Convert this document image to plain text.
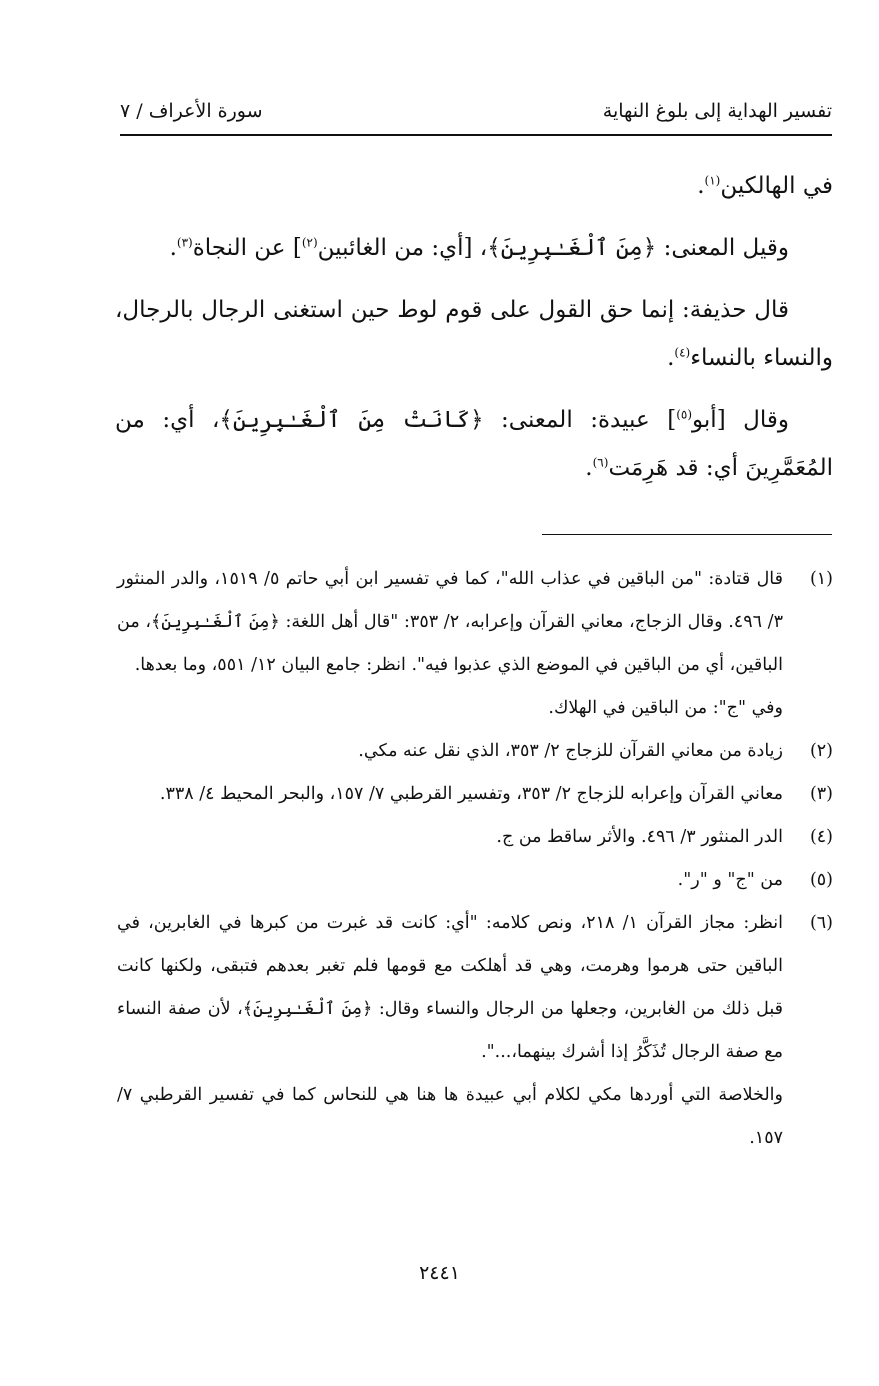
تفسير الهداية إلى بلوغ النهاية
سورة الأعراف / ٧

في الهالكين$^{(١)}$.

وقيل المعنى: ﴿مِنَ ٱلْغَـٰبِرِينَ﴾، [أي: من الغائبين$^{(٢)}$] عن النجاة$^{(٣)}$.

قال حذيفة: إنما حق القول على قوم لوط حين استغنى الرجال بالرجال، والنساء بالنساء$^{(٤)}$.

وقال [أبو$^{(٥)}$] عبيدة: المعنى: ﴿كَانَتْ مِنَ ٱلْغَـٰبِرِينَ﴾، أي: من المُعَمَّرِينَ أي: قد هَرِمَت$^{(٦)}$.

(١)
قال قتادة: "من الباقين في عذاب الله"، كما في تفسير ابن أبي حاتم ٥/ ١٥١٩، والدر المنثور ٣/ ٤٩٦. وقال الزجاج، معاني القرآن وإعرابه، ٢/ ٣٥٣: "قال أهل اللغة: ﴿مِنَ ٱلْغَـٰبِرِينَ﴾، من الباقين، أي من الباقين في الموضع الذي عذبوا فيه". انظر: جامع البيان ١٢/ ٥٥١، وما بعدها.
وفي "ج": من الباقين في الهلاك.
(٢)
زيادة من معاني القرآن للزجاج ٢/ ٣٥٣، الذي نقل عنه مكي.
(٣)
معاني القرآن وإعرابه للزجاج ٢/ ٣٥٣، وتفسير القرطبي ٧/ ١٥٧، والبحر المحيط ٤/ ٣٣٨.
(٤)
الدر المنثور ٣/ ٤٩٦. والأثر ساقط من ج.
(٥)
من "ج" و "ر".
(٦)
انظر: مجاز القرآن ١/ ٢١٨، ونص كلامه: "أي: كانت قد غبرت من كبرها في الغابرين، في الباقين حتى هرموا وهرمت، وهي قد أهلكت مع قومها فلم تغبر بعدهم فتبقى، ولكنها كانت قبل ذلك من الغابرين، وجعلها من الرجال والنساء وقال: ﴿مِنَ ٱلْغَـٰبِرِينَ﴾، لأن صفة النساء مع صفة الرجال تُذَكَّرُ إذا أشرك بينهما،...".
والخلاصة التي أوردها مكي لكلام أبي عبيدة ها هنا هي للنحاس كما في تفسير القرطبي ٧/ ١٥٧.
٢٤٤١
